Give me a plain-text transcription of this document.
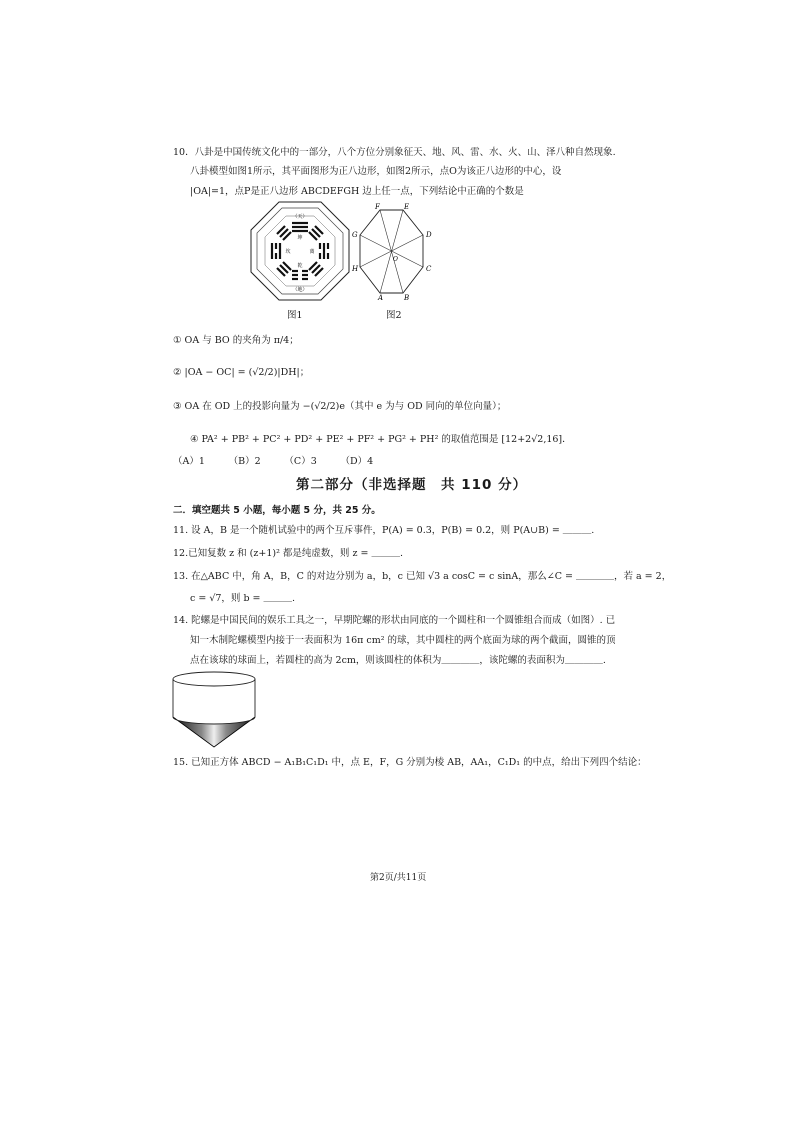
10．八卦是中国传统文化中的一部分，八个方位分别象征天、地、风、雷、水、火、山、泽八种自然现象.
八卦模型如图1所示，其平面图形为正八边形，如图2所示，点O为该正八边形的中心，设
|OA|=1，点P是正八边形 ABCDEFGH 边上任一点，下列结论中正确的个数是
（天）
（地）
乾
坤
坎	离
图1
A	B
C
D
E
F
G
H
O
图2
① OA 与 BO 的夹角为 π/4；
② |OA − OC| = (√2/2)|DH|；
③ OA 在 OD 上的投影向量为 −(√2/2)e（其中 e 为与 OD 同向的单位向量）；
④ PA² + PB² + PC² + PD² + PE² + PF² + PG² + PH² 的取值范围是 [12+2√2,16]．
（A）1　　　（B）2　　　（C）3　　　（D）4
第二部分（非选择题　共 110 分）
二．填空题共 5 小题，每小题 5 分，共 25 分。
11. 设 A，B 是一个随机试验中的两个互斥事件，P(A) = 0.3，P(B) = 0.2，则 P(A∪B) = ＿＿＿.
12.已知复数 z 和 (z+1)² 都是纯虚数，则 z = ＿＿＿.
13. 在△ABC 中，角 A，B，C 的对边分别为 a，b，c 已知 √3 a cosC = c sinA，那么∠C = ＿＿＿＿，若 a = 2，
c = √7，则 b = ＿＿＿.
14. 陀螺是中国民间的娱乐工具之一，早期陀螺的形状由同底的一个圆柱和一个圆锥组合而成（如图）. 已
知一木制陀螺模型内接于一表面积为 16π cm² 的球，其中圆柱的两个底面为球的两个截面，圆锥的顶
点在该球的球面上，若圆柱的高为 2cm，则该圆柱的体积为＿＿＿＿，该陀螺的表面积为＿＿＿＿.
15. 已知正方体 ABCD − A₁B₁C₁D₁ 中，点 E，F，G 分别为棱 AB，AA₁，C₁D₁ 的中点，给出下列四个结论：
第2页/共11页
